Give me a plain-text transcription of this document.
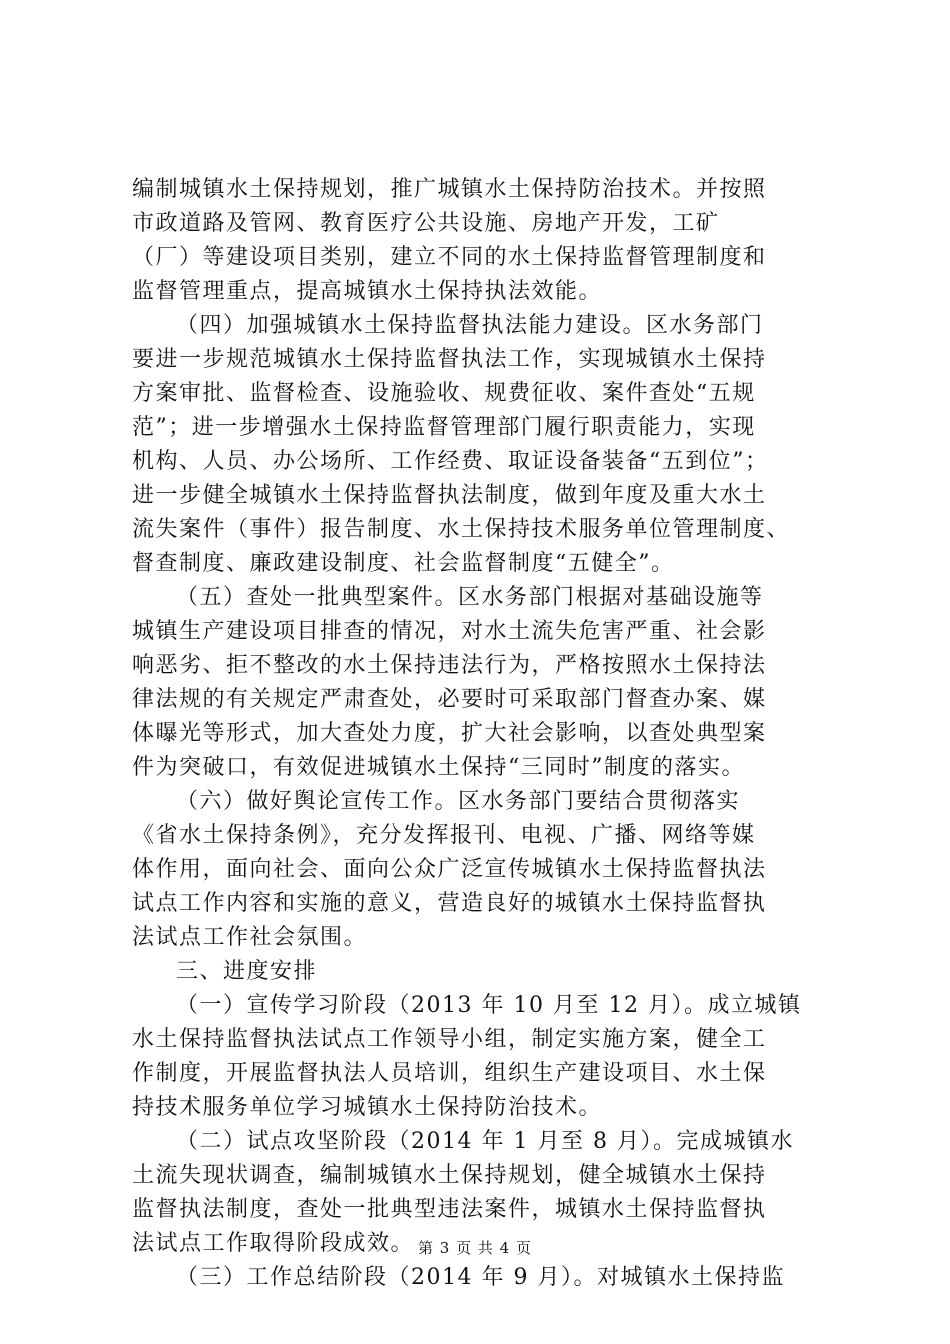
编制城镇水土保持规划，推广城镇水土保持防治技术。并按照
市政道路及管网、教育医疗公共设施、房地产开发，工矿
（厂）等建设项目类别，建立不同的水土保持监督管理制度和
监督管理重点，提高城镇水土保持执法效能。
（四）加强城镇水土保持监督执法能力建设。区水务部门
要进一步规范城镇水土保持监督执法工作，实现城镇水土保持
方案审批、监督检查、设施验收、规费征收、案件查处“五规
范”；进一步增强水土保持监督管理部门履行职责能力，实现
机构、人员、办公场所、工作经费、取证设备装备“五到位”；
进一步健全城镇水土保持监督执法制度，做到年度及重大水土
流失案件（事件）报告制度、水土保持技术服务单位管理制度、
督查制度、廉政建设制度、社会监督制度“五健全”。
（五）查处一批典型案件。区水务部门根据对基础设施等
城镇生产建设项目排查的情况，对水土流失危害严重、社会影
响恶劣、拒不整改的水土保持违法行为，严格按照水土保持法
律法规的有关规定严肃查处，必要时可采取部门督查办案、媒
体曝光等形式，加大查处力度，扩大社会影响，以查处典型案
件为突破口，有效促进城镇水土保持“三同时”制度的落实。
（六）做好舆论宣传工作。区水务部门要结合贯彻落实
《省水土保持条例》，充分发挥报刊、电视、广播、网络等媒
体作用，面向社会、面向公众广泛宣传城镇水土保持监督执法
试点工作内容和实施的意义，营造良好的城镇水土保持监督执
法试点工作社会氛围。
三、进度安排
（一）宣传学习阶段（2013 年 10 月至 12 月）。成立城镇
水土保持监督执法试点工作领导小组，制定实施方案，健全工
作制度，开展监督执法人员培训，组织生产建设项目、水土保
持技术服务单位学习城镇水土保持防治技术。
（二）试点攻坚阶段（2014 年 1 月至 8 月）。完成城镇水
土流失现状调查，编制城镇水土保持规划，健全城镇水土保持
监督执法制度，查处一批典型违法案件，城镇水土保持监督执
法试点工作取得阶段成效。
（三）工作总结阶段（2014 年 9 月）。对城镇水土保持监
第 3 页 共 4 页
